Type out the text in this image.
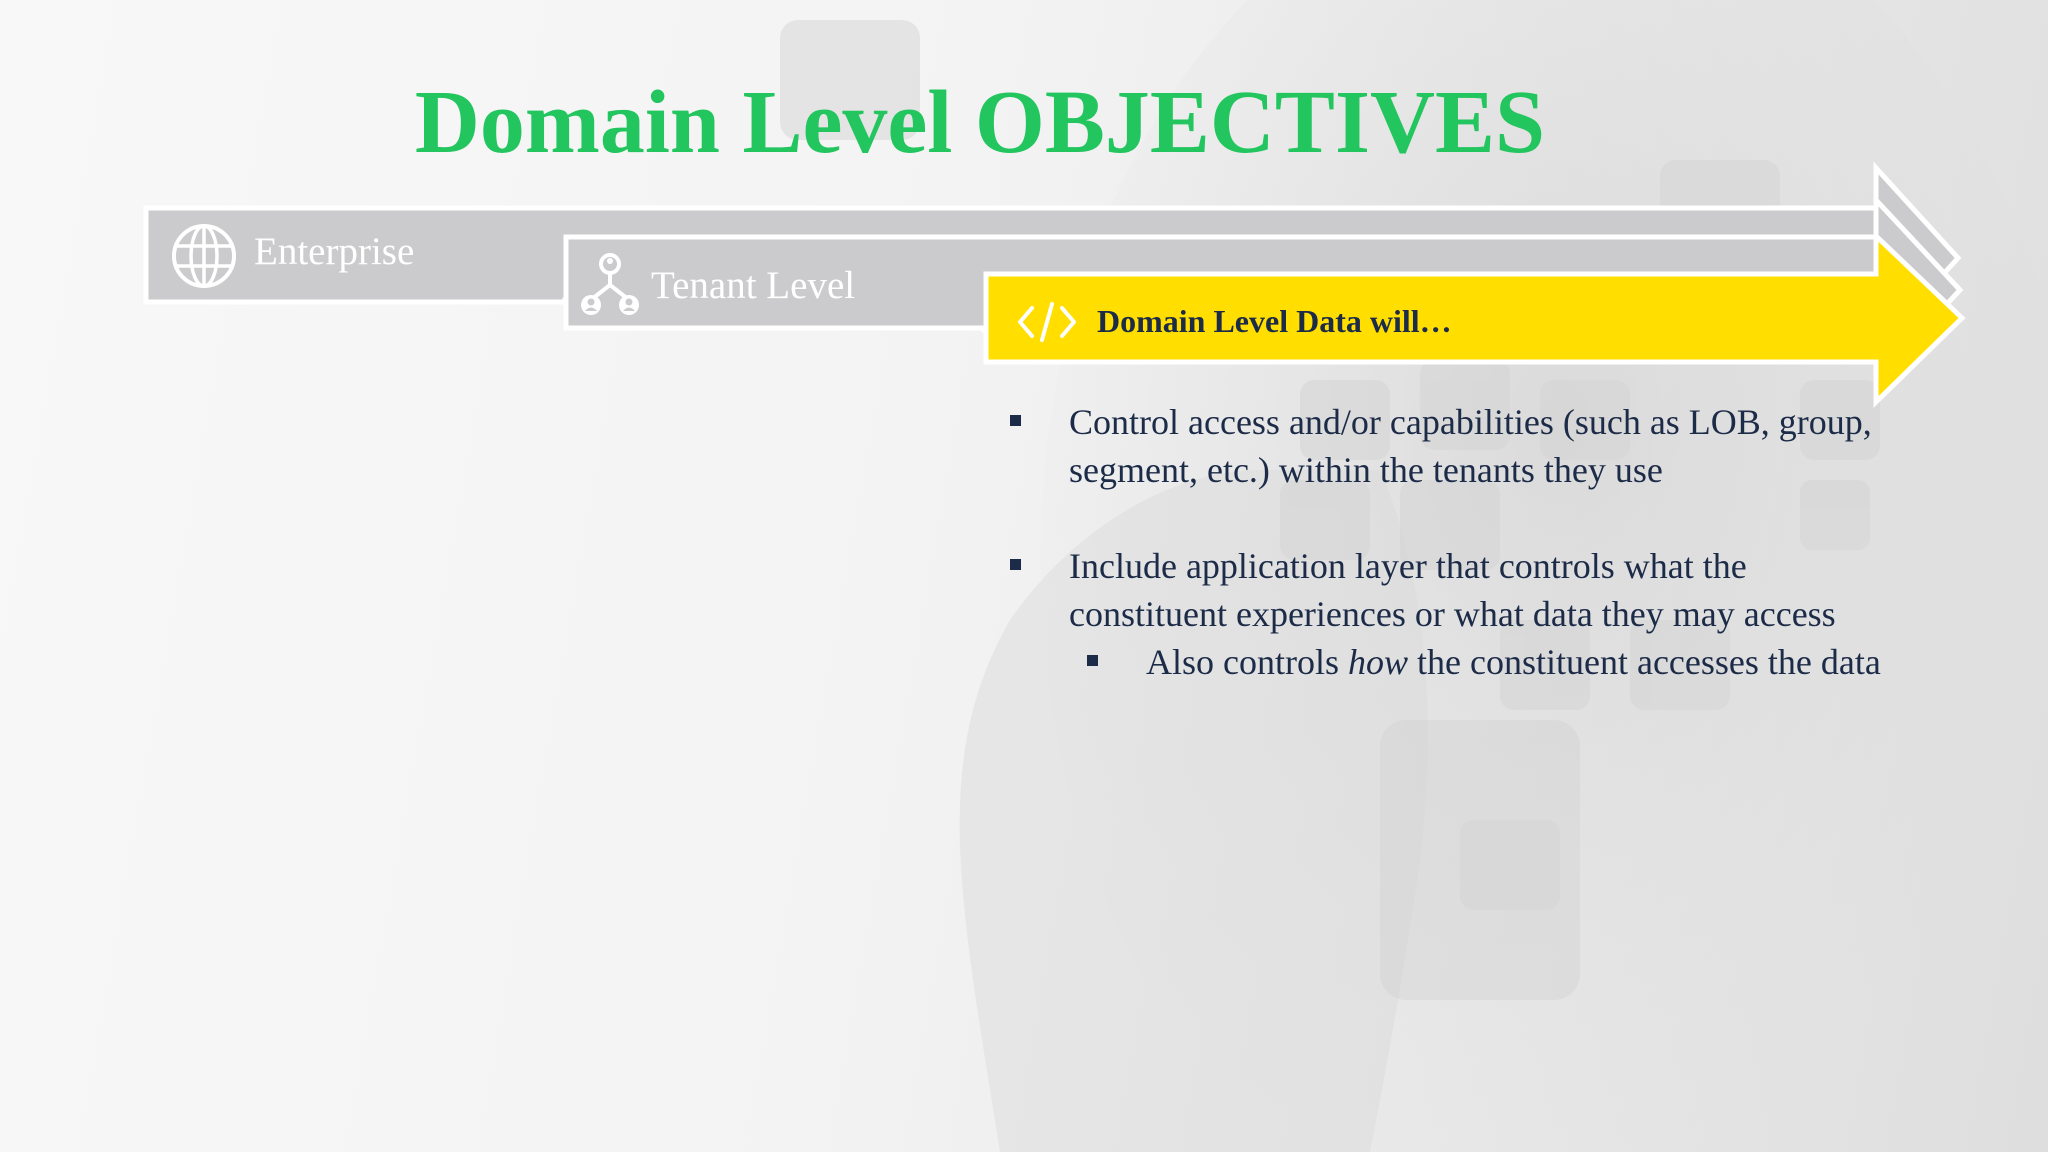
Domain Level OBJECTIVES
Enterprise
Tenant Level
Domain Level Data will…
Control access and/or capabilities (such as LOB, group, segment, etc.) within the tenants they use
Include application layer that controls what the constituent experiences or what data they may access
Also controls how the constituent accesses the data
